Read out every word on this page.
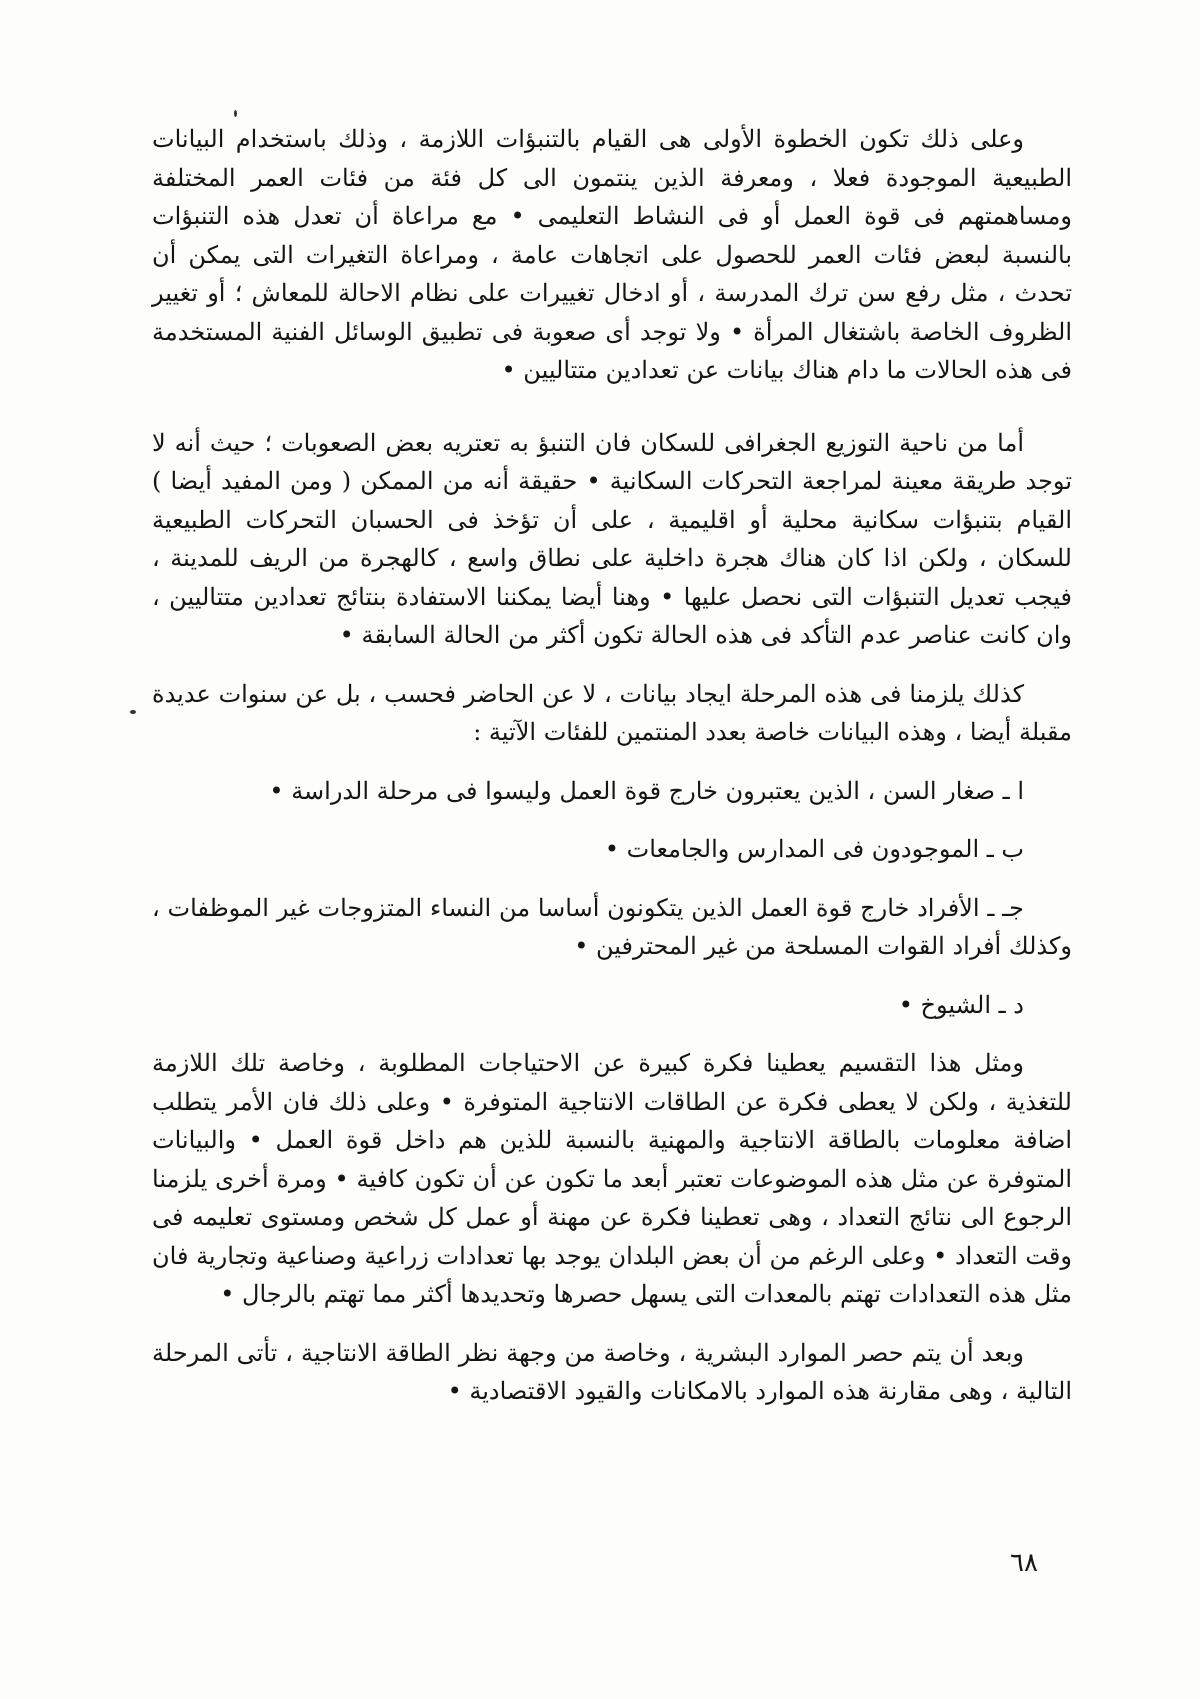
وعلى ذلك تكون الخطوة الأولى هى القيام بالتنبؤات اللازمة ، وذلك باستخدام البيانات الطبيعية الموجودة فعلا ، ومعرفة الذين ينتمون الى كل فئة من فئات العمر المختلفة ومساهمتهم فى قوة العمل أو فى النشاط التعليمى • مع مراعاة أن تعدل هذه التنبؤات بالنسبة لبعض فئات العمر للحصول على اتجاهات عامة ، ومراعاة التغيرات التى يمكن أن تحدث ، مثل رفع سن ترك المدرسة ، أو ادخال تغييرات على نظام الاحالة للمعاش ؛ أو تغيير الظروف الخاصة باشتغال المرأة • ولا توجد أى صعوبة فى تطبيق الوسائل الفنية المستخدمة فى هذه الحالات ما دام هناك بيانات عن تعدادين متتاليين •

أما من ناحية التوزيع الجغرافى للسكان فان التنبؤ به تعتريه بعض الصعوبات ؛ حيث أنه لا توجد طريقة معينة لمراجعة التحركات السكانية • حقيقة أنه من الممكن ( ومن المفيد أيضا ) القيام بتنبؤات سكانية محلية أو اقليمية ، على أن تؤخذ فى الحسبان التحركات الطبيعية للسكان ، ولكن اذا كان هناك هجرة داخلية على نطاق واسع ، كالهجرة من الريف للمدينة ، فيجب تعديل التنبؤات التى نحصل عليها • وهنا أيضا يمكننا الاستفادة بنتائج تعدادين متتاليين ، وان كانت عناصر عدم التأكد فى هذه الحالة تكون أكثر من الحالة السابقة •

كذلك يلزمنا فى هذه المرحلة ايجاد بيانات ، لا عن الحاضر فحسب ، بل عن سنوات عديدة مقبلة أيضا ، وهذه البيانات خاصة بعدد المنتمين للفئات الآتية :

ا ـ صغار السن ، الذين يعتبرون خارج قوة العمل وليسوا فى مرحلة الدراسة •

ب ـ الموجودون فى المدارس والجامعات •

جـ ـ الأفراد خارج قوة العمل الذين يتكونون أساسا من النساء المتزوجات غير الموظفات ، وكذلك أفراد القوات المسلحة من غير المحترفين •

د ـ الشيوخ •

ومثل هذا التقسيم يعطينا فكرة كبيرة عن الاحتياجات المطلوبة ، وخاصة تلك اللازمة للتغذية ، ولكن لا يعطى فكرة عن الطاقات الانتاجية المتوفرة • وعلى ذلك فان الأمر يتطلب اضافة معلومات بالطاقة الانتاجية والمهنية بالنسبة للذين هم داخل قوة العمل • والبيانات المتوفرة عن مثل هذه الموضوعات تعتبر أبعد ما تكون عن أن تكون كافية • ومرة أخرى يلزمنا الرجوع الى نتائج التعداد ، وهى تعطينا فكرة عن مهنة أو عمل كل شخص ومستوى تعليمه فى وقت التعداد • وعلى الرغم من أن بعض البلدان يوجد بها تعدادات زراعية وصناعية وتجارية فان مثل هذه التعدادات تهتم بالمعدات التى يسهل حصرها وتحديدها أكثر مما تهتم بالرجال •

وبعد أن يتم حصر الموارد البشرية ، وخاصة من وجهة نظر الطاقة الانتاجية ، تأتى المرحلة التالية ، وهى مقارنة هذه الموارد بالامكانات والقيود الاقتصادية •

٦٨
